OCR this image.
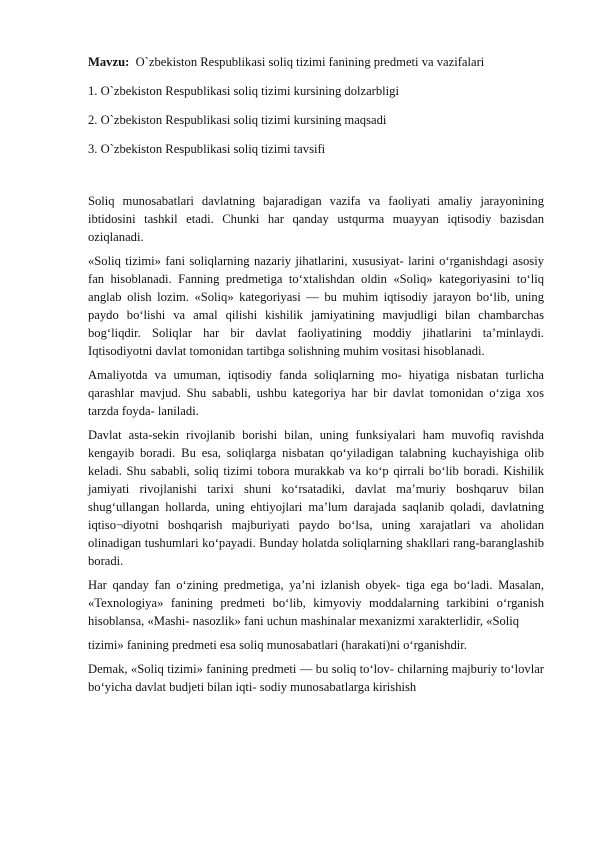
Mavzu: O`zbekiston Respublikasi soliq tizimi fanining predmeti va vazifalari

1. O`zbekiston Respublikasi soliq tizimi kursining dolzarbligi

2. O`zbekiston Respublikasi soliq tizimi kursining maqsadi

3. O`zbekiston Respublikasi soliq tizimi tavsifi

Soliq munosabatlari davlatning bajaradigan vazifa va faoliyati amaliy jarayonining ibtidosini tashkil etadi. Chunki har qanday ustqurma muayyan iqtisodiy bazisdan oziqlanadi.

«Soliq tizimi» fani soliqlarning nazariy jihatlarini, xususiyat- larini o‘rganishdagi asosiy fan hisoblanadi. Fanning predmetiga to‘xtalishdan oldin «Soliq» kategoriyasini to‘liq anglab olish lozim. «Soliq» kategoriyasi — bu muhim iqtisodiy jarayon bo‘lib, uning paydo bo‘lishi va amal qilishi kishilik jamiyatining mavjudligi bilan chambarchas bog‘liqdir. Soliqlar har bir davlat faoliyatining moddiy jihatlarini ta’minlaydi. Iqtisodiyotni davlat tomonidan tartibga solishning muhim vositasi hisoblanadi.

Amaliyotda va umuman, iqtisodiy fanda soliqlarning mo- hiyatiga nisbatan turlicha qarashlar mavjud. Shu sababli, ushbu kategoriya har bir davlat tomonidan o‘ziga xos tarzda foyda- laniladi.

Davlat asta-sekin rivojlanib borishi bilan, uning funksiyalari ham muvofiq ravishda kengayib boradi. Bu esa, soliqlarga nisbatan qo‘yiladigan talabning kuchayishiga olib keladi. Shu sababli, soliq tizimi tobora murakkab va ko‘p qirrali bo‘lib boradi. Kishilik jamiyati rivojlanishi tarixi shuni ko‘rsatadiki, davlat ma’muriy boshqaruv bilan shug‘ullangan hollarda, uning ehtiyojlari ma’lum darajada saqlanib qoladi, davlatning iqtiso¬diyotni boshqarish majburiyati paydo bo‘lsa, uning xarajatlari va aholidan olinadigan tushumlari ko‘payadi. Bunday holatda soliqlarning shakllari rang-baranglashib boradi.

Har qanday fan o‘zining predmetiga, ya’ni izlanish obyek- tiga ega bo‘ladi. Masalan, «Texnologiya» fanining predmeti bo‘lib, kimyoviy moddalarning tarkibini o‘rganish hisoblansa, «Mashi- nasozlik» fani uchun mashinalar mexanizmi xarakterlidir, «Soliq

tizimi» fanining predmeti esa soliq munosabatlari (harakati)ni o‘rganishdir.

Demak, «Soliq tizimi» fanining predmeti — bu soliq to‘lov- chilarning majburiy to‘lovlar bo‘yicha davlat budjeti bilan iqti- sodiy munosabatlarga kirishish
